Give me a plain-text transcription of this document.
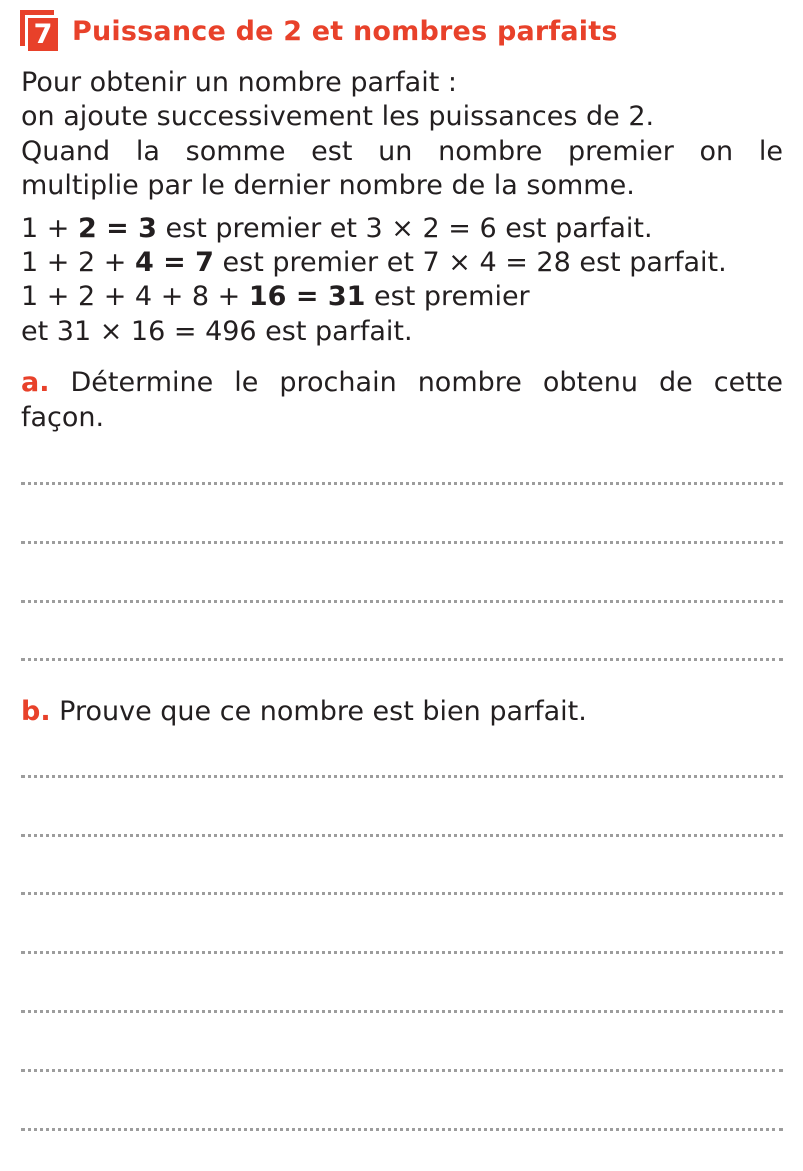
7 Puissance de 2 et nombres parfaits
Pour obtenir un nombre parfait :
on ajoute successivement les puissances de 2.
Quand la somme est un nombre premier on le
multiplie par le dernier nombre de la somme.
1 + 2 = 3 est premier et 3 × 2 = 6 est parfait.
1 + 2 + 4 = 7 est premier et 7 × 4 = 28 est parfait.
1 + 2 + 4 + 8 + 16 = 31 est premier
et 31 × 16 = 496 est parfait.
a. Détermine le prochain nombre obtenu de cette
façon.
b. Prouve que ce nombre est bien parfait.
